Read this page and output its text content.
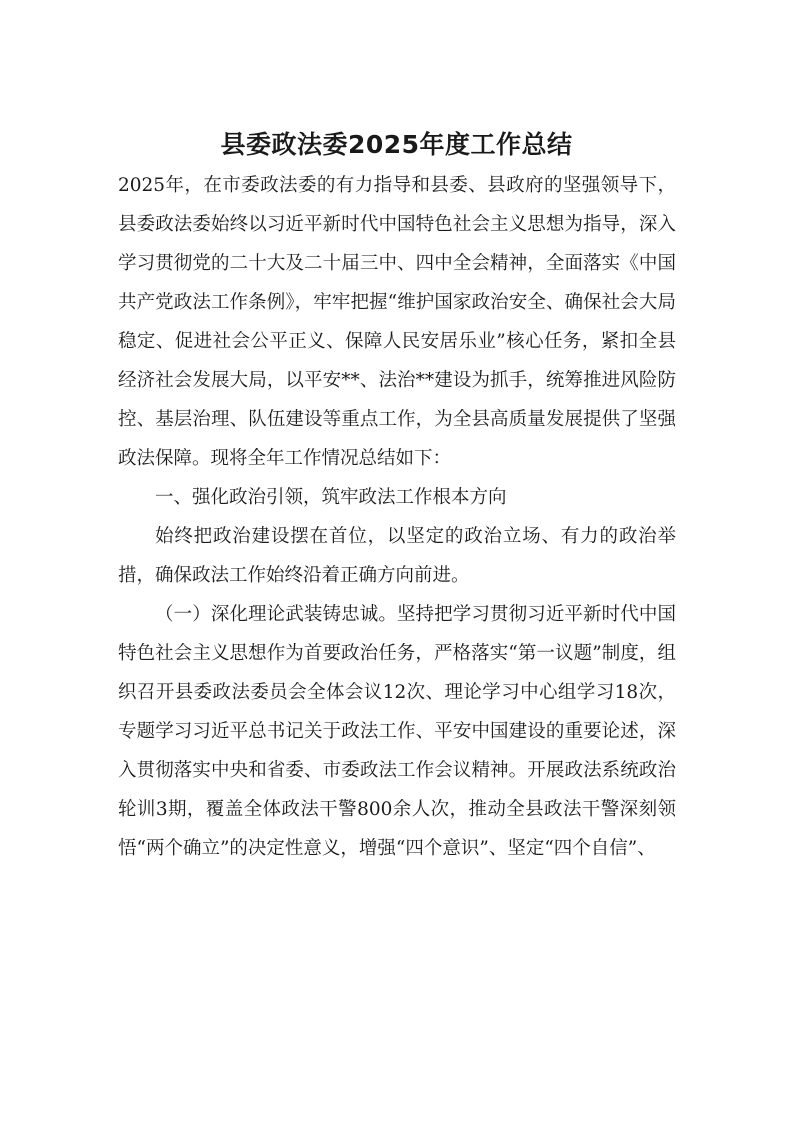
县委政法委2025年度工作总结

2025年，在市委政法委的有力指导和县委、县政府的坚强领导下，县委政法委始终以习近平新时代中国特色社会主义思想为指导，深入学习贯彻党的二十大及二十届三中、四中全会精神，全面落实《中国共产党政法工作条例》，牢牢把握“维护国家政治安全、确保社会大局稳定、促进社会公平正义、保障人民安居乐业”核心任务，紧扣全县经济社会发展大局，以平安**、法治**建设为抓手，统筹推进风险防控、基层治理、队伍建设等重点工作，为全县高质量发展提供了坚强政法保障。现将全年工作情况总结如下：

一、强化政治引领，筑牢政法工作根本方向

始终把政治建设摆在首位，以坚定的政治立场、有力的政治举措，确保政法工作始终沿着正确方向前进。

（一）深化理论武装铸忠诚。坚持把学习贯彻习近平新时代中国特色社会主义思想作为首要政治任务，严格落实“第一议题”制度，组织召开县委政法委员会全体会议12次、理论学习中心组学习18次，专题学习习近平总书记关于政法工作、平安中国建设的重要论述，深入贯彻落实中央和省委、市委政法工作会议精神。开展政法系统政治轮训3期，覆盖全体政法干警800余人次，推动全县政法干警深刻领悟“两个确立”的决定性意义，增强“四个意识”、坚定“四个自信”、
